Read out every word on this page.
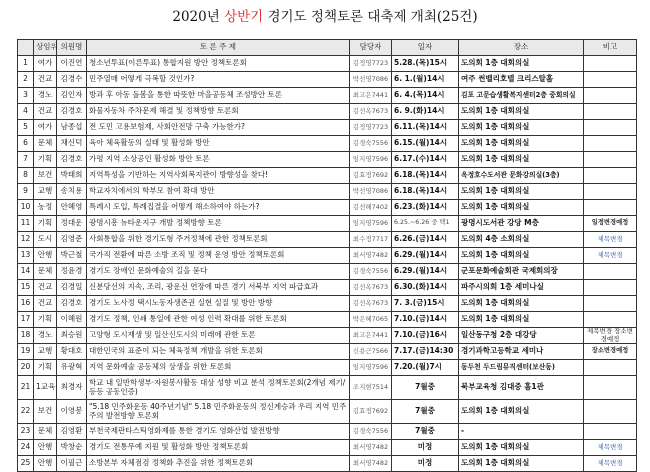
2020년 상반기 경기도 정책토론 대축제 개최(25건)
	상임위	의원명	토 론 주 제	담당자	일자	장소	비고
1	여가	이진연	청소년투표(이른투표) 통합지원 방안 정책토론회	김정영7723	5.28.(목)15시	도의회 1층 대회의실	
2	건교	김경수	민주열매 어떻게 극복할 것인가?	박선영7086	6. 1.(월)14시	여주 썬밸리호텔 크리스탈홀	
3	경노	김인자	방과 후 아동 돌봄을 통한 따뜻한 마을공동체 조성방안 토론	최고은7441	6. 4.(목)14시	김포 고문습생활복지센터2층 중회의실	
4	건교	김경호	화물자동차 주차문제 해결 및 정책방향 토론회	김선옥7673	6. 9.(화)14시	도의회 1층 대회의실	
5	여가	남종섭	전 도민 고용보험제, 사회안전망 구축 가능한가?	김정영7723	6.11.(목)14시	도의회 1층 대회의실	
6	문체	채신덕	육아 체육활동의 실태 및 활성화 방안	김경숙7556	6.15.(월)14시	도의회 1층 대회의실	
7	기획	김경호	가평 지역 소상공인 활성화 방안 토론	임지영7596	6.17.(수)14시	도의회 1층 대회의실	
8	보건	박태희	지역특성을 기반하는 지역사회복지관이 방향성을 찾다!	김효정7692	6.18.(목)14시	옥정호수도서관 문화강의실(3층)	
9	교행	송치용	학교자치에서의 학부모 참여 확대 방안	박선영7086	6.18.(목)14시	도의회 1층 대회의실	
10	농정	안혜영	특례시 도입, 특례집결을 어떻게 해소하여야 하는가?	김선해7402	6.23.(화)14시	도의회 1층 대회의실	
11	기획	정대운	광명시흥 뉴타운지구 개발 정책방향 토론	임지영7596	6.25.~6.26 중 택1	광명시도서관 강당 M층	일정변경예정
12	도시	김영준	사회통합을 위한 경기도형 주거정책에 관한 정책토론회	최수정7717	6.26.(금)14시	도의회 4층 소회의실	제목변경
13	안행	박근철	국가직 전환에 따른 소방 조직 및 정책 운영 방안 정책토론회	최서영7482	6.29.(월)14시	도의회 1층 대회의실	제목변경
14	문체	정윤경	경기도 장애인 문화예술의 길을 묻다	김경숙7556	6.29.(월)14시	군포문화예술회관 국제회의장	
15	건교	김경일	신분당선의 지속, 조리, 광운선 연장에 따른 경기 서북부 지역 파급효과	김선옥7673	6.30.(화)14시	파주시의회 1층 세미나실	
16	건교	김경호	경기도 노사정 택시노동자생존권 실현 실질 및 방안 방향	김선옥7673	7. 3.(금)15시	도의회 1층 대회의실	
17	기획	이혜원	경기도 정책, 인쇄 통일에 관한 여성 인력 확대를 위한 토론회	박은혜7065	7.10.(금)14시	도의회 1층 대회의실	
18	경노	최승원	고양형 도시재생 및 일산신도시의 미래에 관한 토론	최고은7441	7.10.(금)16시	일산동구청 2층 대강당	제목변경 장소변경예정
19	교행	황대호	대한민국의 표준이 되는 체육정책 개발을 위한 토론회	신용근7566	7.17.(금)14:30	경기과학고등학교 세미나	장소변경예정
20	기획	유광혁	지역 문화예술 공동체의 상생을 위한 토론회	임지영7596	7.20.(월)7시	동두천 두드림뮤직센터(보산동)	
21	1교육	최경자	학교 내 일반학생부·자원봉사활동 대상 성향 비교 분석 정책토론회(2개념 제기/등등 공동인증)	조지현7514	7월중	북부교육청 김대중 홀1관	
22	보건	이영봉	"5.18 민주화운동 40주년기념" 5.18 민주화운동의 정신계승과 우리 지역 민주주의 발전방향 토론회	김효정7692	7월중	도의회 1층 대회의실	
23	문체	김영환	부천국제판타스틱영화제를 통한 경기도 영화산업 발전방향	김경숙7556	7월중	-	
24	안행	박창순	경기도 전통무예 지원 및 활성화 방안 정책토론회	최서영7482	미정	도의회 1층 대회의실	제목변경
25	안행	이필근	소방본부 자체점검 정책화 추진을 위한 정책토론회	최서영7482	미정	도의회 1층 대회의실	제목변경
